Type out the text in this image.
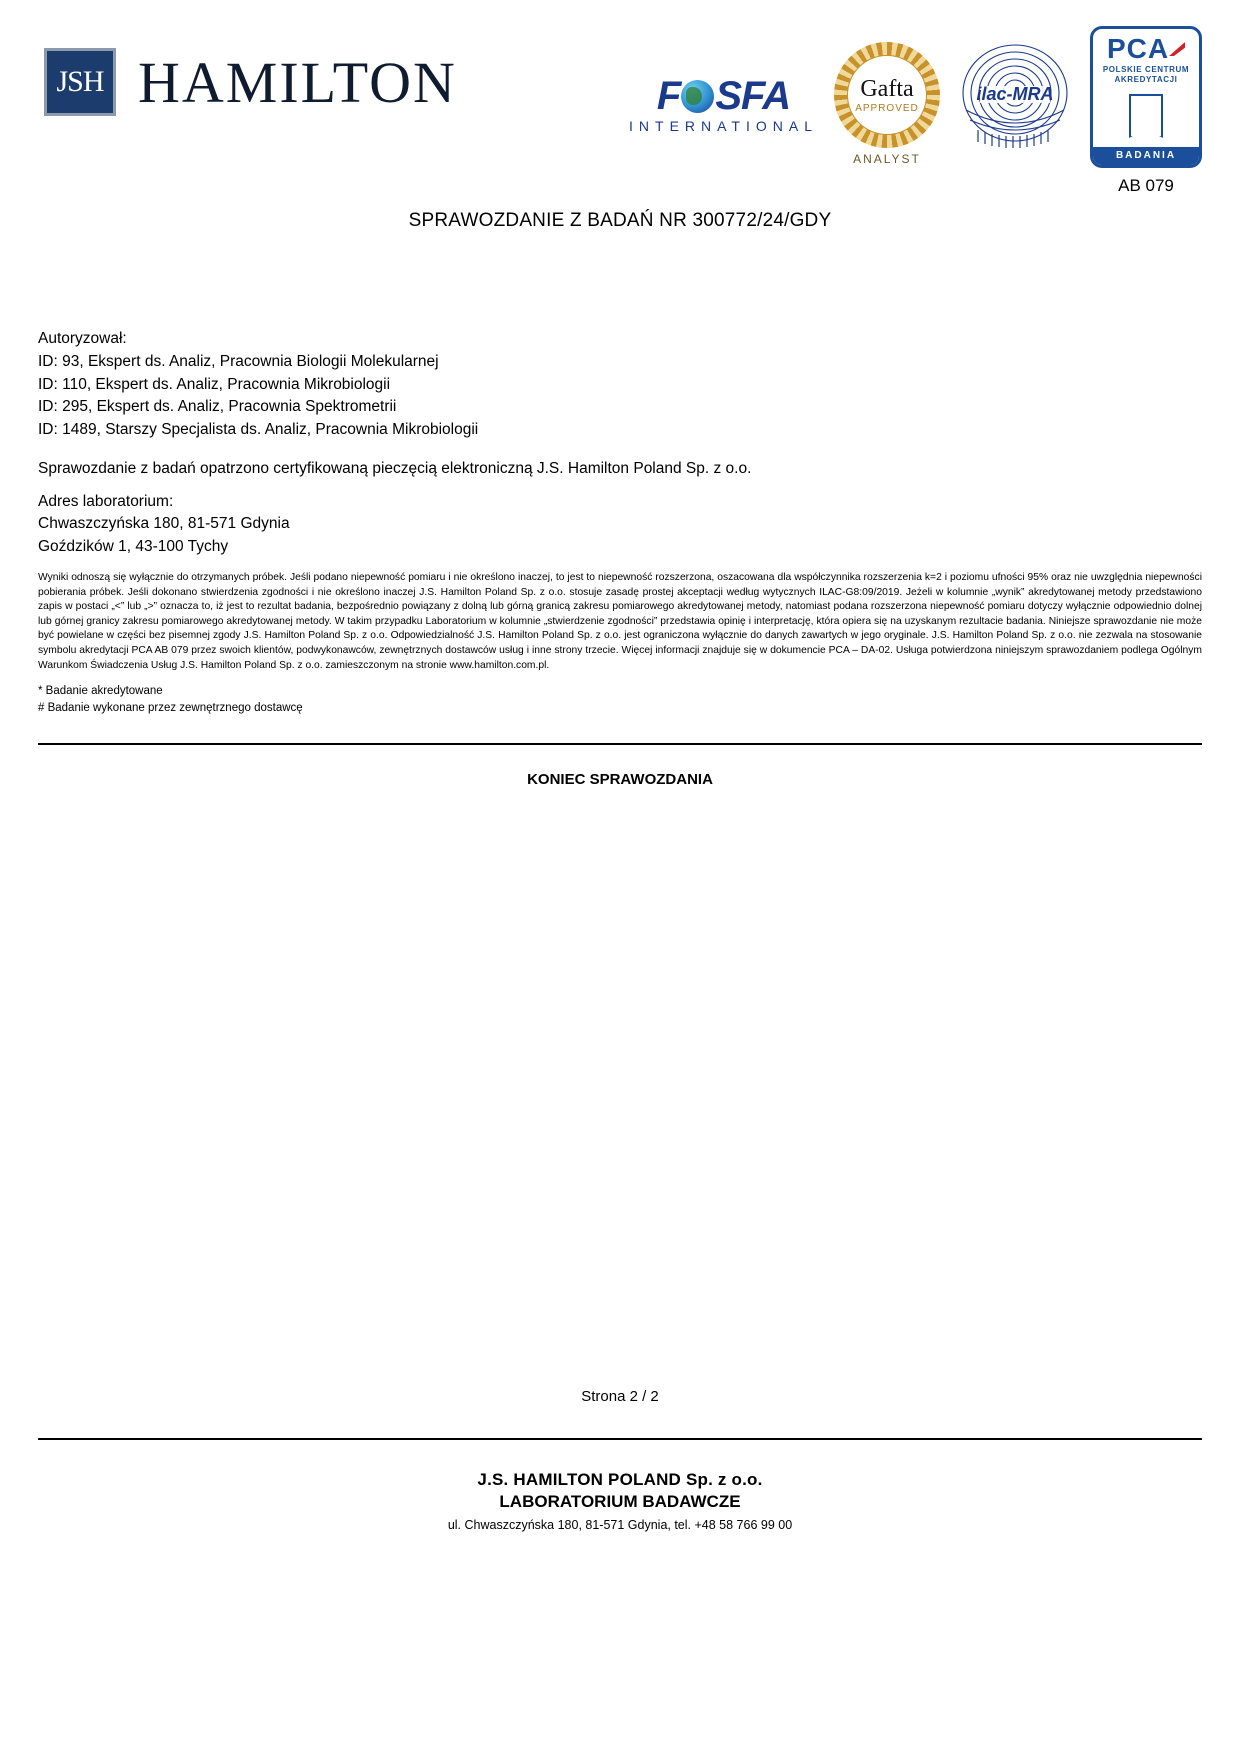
JSH HAMILTON	F SFA
INTERNATIONAL
Gafta
APPROVED
ANALYST
ilac-MRA
PCA
POLSKIE CENTRUM AKREDYTACJI
BADANIA
AB 079
SPRAWOZDANIE Z BADAŃ NR 300772/24/GDY
Autoryzował:
ID: 93, Ekspert ds. Analiz, Pracownia Biologii Molekularnej
ID: 110, Ekspert ds. Analiz, Pracownia Mikrobiologii
ID: 295, Ekspert ds. Analiz, Pracownia Spektrometrii
ID: 1489, Starszy Specjalista ds. Analiz, Pracownia Mikrobiologii
Sprawozdanie z badań opatrzono certyfikowaną pieczęcią elektroniczną J.S. Hamilton Poland Sp. z o.o.
Adres laboratorium:
Chwaszczyńska 180, 81-571 Gdynia
Goździków 1, 43-100 Tychy

Wyniki odnoszą się wyłącznie do otrzymanych próbek. Jeśli podano niepewność pomiaru i nie określono inaczej, to jest to niepewność rozszerzona, oszacowana dla współczynnika rozszerzenia k=2 i poziomu ufności 95% oraz nie uwzględnia niepewności pobierania próbek. Jeśli dokonano stwierdzenia zgodności i nie określono inaczej J.S. Hamilton Poland Sp. z o.o. stosuje zasadę prostej akceptacji według wytycznych ILAC-G8:09/2019. Jeżeli w kolumnie „wynik” akredytowanej metody przedstawiono zapis w postaci „<” lub „>” oznacza to, iż jest to rezultat badania, bezpośrednio powiązany z dolną lub górną granicą zakresu pomiarowego akredytowanej metody, natomiast podana rozszerzona niepewność pomiaru dotyczy wyłącznie odpowiednio dolnej lub górnej granicy zakresu pomiarowego akredytowanej metody. W takim przypadku Laboratorium w kolumnie „stwierdzenie zgodności” przedstawia opinię i interpretację, która opiera się na uzyskanym rezultacie badania. Niniejsze sprawozdanie nie może być powielane w części bez pisemnej zgody J.S. Hamilton Poland Sp. z o.o. Odpowiedzialność J.S. Hamilton Poland Sp. z o.o. jest ograniczona wyłącznie do danych zawartych w jego oryginale. J.S. Hamilton Poland Sp. z o.o. nie zezwala na stosowanie symbolu akredytacji PCA AB 079 przez swoich klientów, podwykonawców, zewnętrznych dostawców usług i inne strony trzecie. Więcej informacji znajduje się w dokumencie PCA – DA-02. Usługa potwierdzona niniejszym sprawozdaniem podlega Ogólnym Warunkom Świadczenia Usług J.S. Hamilton Poland Sp. z o.o. zamieszczonym na stronie www.hamilton.com.pl.

* Badanie akredytowane
# Badanie wykonane przez zewnętrznego dostawcę
KONIEC SPRAWOZDANIA
Strona 2 / 2
J.S. HAMILTON POLAND Sp. z o.o.
LABORATORIUM BADAWCZE
ul. Chwaszczyńska 180, 81-571 Gdynia, tel. +48 58 766 99 00
